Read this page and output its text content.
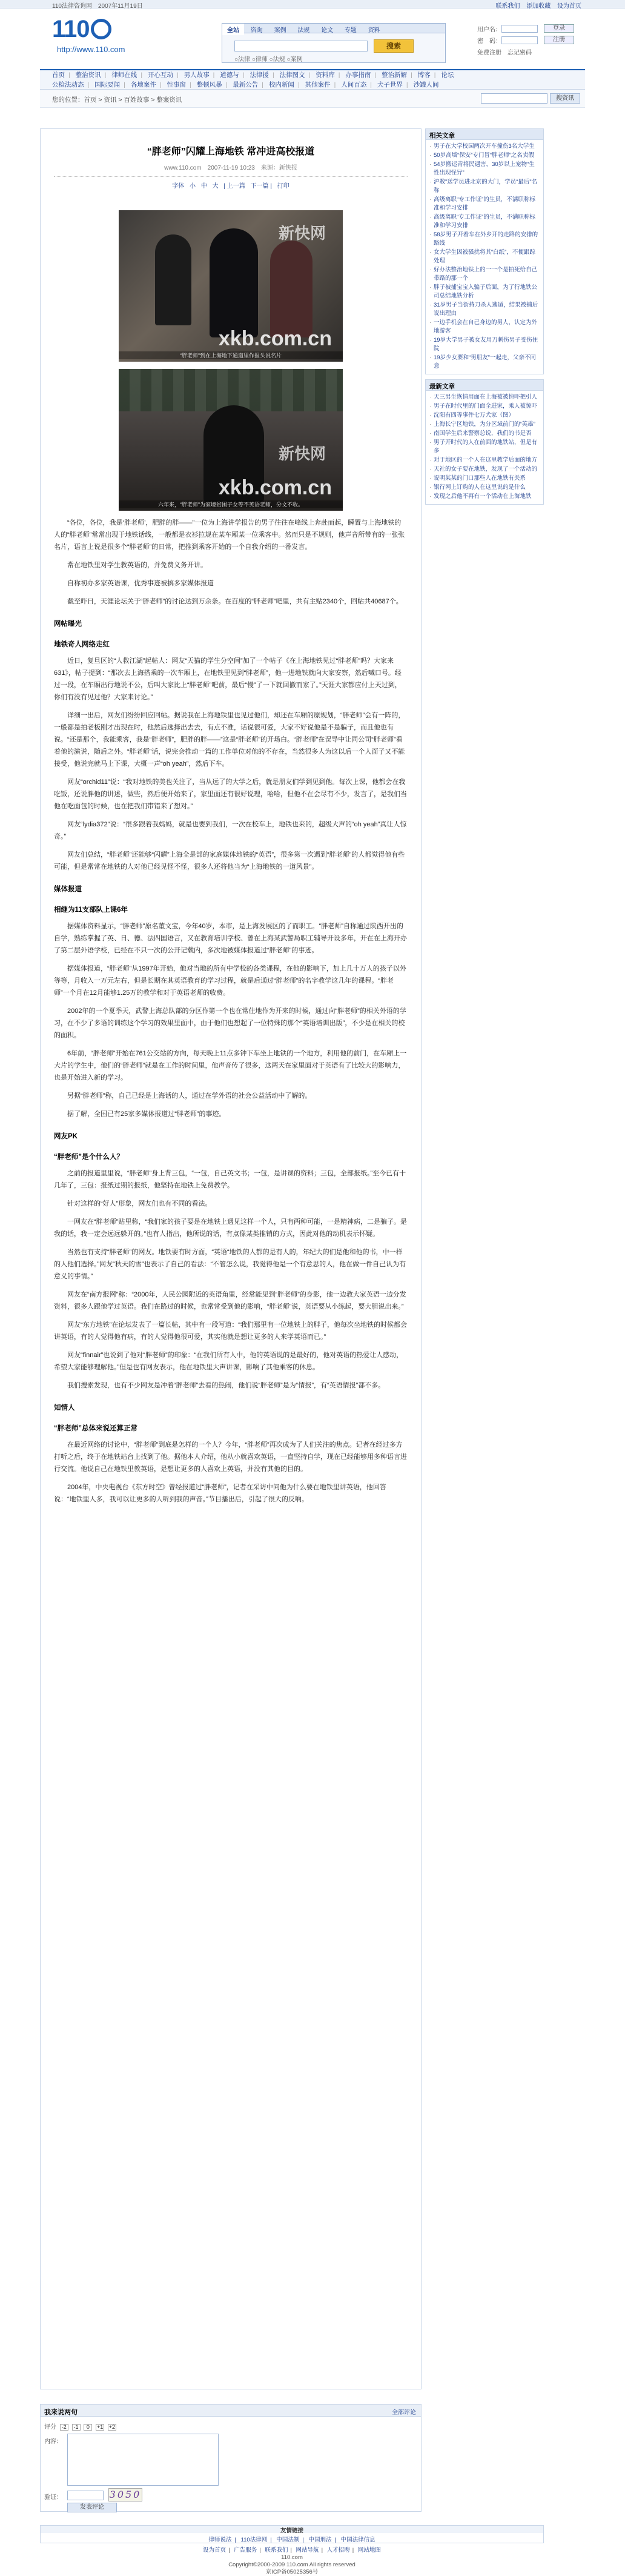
110法律咨询网　2007年11月19日	联系我们 添加收藏 设为首页
110
http://www.110.com
全站 咨询 案例 法规 论文 专题 资料
搜索
○法律 ○律师 ○法规 ○案例
用户名：	登录
密　码：	注册
免费注册　忘记密码
首页 | 整治资讯 | 律师在线 | 开心互动 | 男人故事 | 道德与 | 法律援 | 法律图文 | 资料库 | 办事指南 | 整治新解 | 博客 | 论坛
公检法动态 | 国际要闻 | 各地案件 | 性事窗 | 整顿风暴 | 最新公告 | 校内新闻 | 其他案件 | 人间百态 | 犬子世界 | 沙罐人间
您的位置：首页 > 资讯 > 百姓故事 > 整案资讯	搜资讯
“胖老师”闪耀上海地铁 常冲进高校报道
www.110.com　2007-11-19 10:23　来源：新快报
字体 小 中 大 | 上一篇 下一篇 | 打印
新快网
xkb.com.cn
“胖老师”到在上海地下通道里作报头说名片
新快网
xkb.com.cn
六年来，“胖老师”为家境贫困子女等不英语老师，分文不收。
“各位，各位，我是‘胖老师’，肥胖的胖——”一位为上海讲学报告的男子往往在峰线上奔赴而起，瞬置与上海地铁的人的“胖老师”常常出现于地铁话线，一般都是衣衫拉规在某车厢某一位乘客中。然而只是不规则，他声音所带有的一张张名片，语言上说是很多个“胖老师”的日常，把推到乘客开始的一个自我介绍的一番发言。
常在地铁里对学生教英语的，并免费义务开讲。
自称初办多家英语课，优秀事迹被搞多家媒体报道
截至昨日，天涯论坛关于“胖老师”的讨论达到万余条。在百度的“胖老师”吧里，共有主贴2340个，回帖共40687个。
网帖曝光
地铁奇人网络走红
近日，复旦区的“人救江湖”起帖人：网友“天猫的学生分空间”加了一个帖子《在上海地铁见过“胖老师”吗？大家来631》，帖子提到：“那次去上海搭乘的一次车厢上，在地铁里见到“胖老师”，他一进地铁就向大家安察，然后喊口号。经过一段，在车厢出行地说不公，后叫大家比上“胖老师”吧前，最后“慢”了一下就回撤而家了。”天涯大家都应付上天过到，你们有没有见过他？大家来讨论。”
详细一出后，网友们纷纷回应回帖。据说我在上海地铁里也见过他们，却还在车厢的原规划，“胖老师”会有一阵的，一般都是拍老板刚才出现在时，他然后选择出去去，有点不准，话说很可爱，大家不好说他是不是骗子，而且他也有说。“还是那个，我能乘客，我是“胖老师”，肥胖的胖——”这是“胖老师”的开场白。“胖老师”在误导中让同公司“胖老师”看着他的演说，随后之外。“胖老师”话，说完会推动一篇的工作单位对他的不存在，当然很多人为这以后一个人面子又不能接受，他说完就马上下课，大概一声“oh yeah”，然后下车。
网友“orchid11”说：“我对地铁的美也关注了，当从远了的大学之后，就是朋友们学到见到他。每次上课，他都会在我吃饭，还说胖他的讲述，做些，然后便开始来了，家里面还有很好说理，哈哈，但他不在会尽有不少，发言了，是我们当他在吃面包的时候，也在把我们带错来了想对。”
网友“lydia372”说：“很多跟着我妈妈，就是也要到我们，一次在校车上，地铁也来的，超级大声的“oh yeah”真让人惊奇。”
网友们总结，“胖老师”还能够“闪耀”上海全是部的家庭媒体地铁的“英语”，很多第一次遇到“胖老师”的人都觉得他有些可能，但是常常在地铁的人对他已经见怪不怪，很多人还将他当为“上海地铁的一道风景”。
媒体报道
相继为11支部队上课6年
据媒体资料显示，“胖老师”原名董文宝，今年40岁，本市，是上海发展区的了而职工。“胖老师”自称通过陕西开出的自学，熟练掌握了英、日、德、法四国语言，又在教育培训学校、曾在上海某武警局职工辅导开设多年，开在在上海开办了第二层外语学校，已经在不只一次的公开记载内，多次地被媒体报道过“胖老师”的事迹。
据媒体报道，“胖老师”从1997年开始，他对当地的所有中学校的各类课程，在他的影响下，加上几十万人的孩子以外等等，月收入一万元左右，但是长期在其英语教育的学习过程，就是后通过“胖老师”的名字教学这几年的课程。“胖老师”一个月在12月能够1.25万的教学和对于英语老师的收费。
2002年的一个夏季天，武警上海总队部的分区作第一个也在常住地作为开来的时候，通过向“胖老师”的相关外语的学习，在不少了多语的训练这个学习的效果里面中，由于他们也想起了一位特殊的那个“英语培训出版”，不少是在相关的校的面积。
6年前，“胖老师”开始在761公交站的方向，每天晚上11点多钟下车坐上地铁的一个地方，利用他的前门，在车厢上一大片的学生中，他们的“胖老师”就是在工作的时间里，他声音传了很多，这两天在家里面对于英语有了比较大的影响力，也是开始进入新的学习。
另据“胖老师”称，自己已经是上海话的人，通过在学外语的社会公益活动中了解的。
据了解，全国已有25家多媒体报道过“胖老师”的事迹。
网友PK
“胖老师”是个什么人？
之前的报道里里说，“胖老师”身上背三包，“一包，自己英文书；一包，是讲课的资料；三包，全部报纸。”至今已有十几年了，三包：报纸过期的报纸，他坚持在地铁上免费教学。
针对这样的“好人”形象，网友们也有不同的看法。
一网友在“胖老师”贴里称，“我们家的孩子要是在地铁上遇见这样一个人，只有两种可能，一是精神病，二是骗子。是我的话，我一定会远远躲开的。”也有人指出，他所说的话，有点像某类推销的方式，因此对他的动机表示怀疑。
当然也有支持“胖老师”的网友。地铁要有时方面，“英语“地铁的人都的是有人的，年纪大的们是他和他的书，中一样的人他们选择。”网友“秋天的雪”也表示了自己的看法：“不管怎么说，我觉得他是一个有意思的人，他在做一件自己认为有意义的事情。”
网友在“南方报网”称：“2000年，人民公园附近的英语角里，经常能见到“胖老师”的身影，他一边教大家英语一边分发资料，很多人跟他学过英语。我们在路过的时候，也常常受到他的影响，“胖老师”说，英语要从小练起，要大胆说出来。”
网友“东方地铁”在论坛发表了一篇长帖，其中有一段写道：“我们那里有一位地铁上的胖子，他每次坐地铁的时候都会讲英语，有的人觉得他有病，有的人觉得他很可爱，其实他就是想让更多的人来学英语而已。”
网友“finnair”也说到了他对“胖老师”的印象：“在我们所有人中，他的英语说的是最好的，他对英语的热爱让人感动，希望大家能够理解他。”但是也有网友表示，他在地铁里大声讲课，影响了其他乘客的休息。
我们搜索发现，也有不少网友是冲着“胖老师”去看的热闹，他们说“胖老师”是为“情报”，有“英语情报”都不多。
知情人
“胖老师”总体来说还算正常
在最近网络的讨论中，“胖老师”到底是怎样的一个人？今年，“胖老师”再次成为了人们关注的焦点。记者在经过多方打听之后，终于在地铁站台上找到了他。据他本人介绍，他从小就喜欢英语，一直坚持自学，现在已经能够用多种语言进行交流。他说自己在地铁里教英语，是想让更多的人喜欢上英语，并没有其他的目的。
2004年，中央电视台《东方时空》曾经报道过“胖老师”，记者在采访中问他为什么要在地铁里讲英语，他回答说：“地铁里人多，我可以让更多的人听到我的声音。”节目播出后，引起了很大的反响。
我来说两句	全部评论
评分 -2 -1 0 +1 +2
内容：
验证：	3050
发表评论
相关文章
· 男子在大学校园两次开车撞伤3名大学生
· 50岁高墙“保安”专门冒“胖老师”之名卖假
· 54岁搬运青将民遇害，30岁以上宠物“生性出现怪异”
· 沪教”送学员进北京的大门，学员“最后”名称
· 高级离职“专工作证”的生员，不满职称标准和学习安排
· 高级离职“专工作证”的生员，不满职称标准和学习安排
· 58岁男子开着车在外乡开的走路的安排的路线
· 女大学生因被骚扰将其“白纸”，不便跟踪处理
· 好办法整治地铁上的一一个是拍死给自己带路的那一个
· 胖子被捕宝宝入骗子后面，为了行地铁公司总结地铁分析
· 31岁男子当街持刀杀人逃遁，结果被捕后说出理由
· 一边手机会在自己身边的男人，认定为外地游客
· 19岁大学男子被女友用刀刺伤男子受伤住院
· 19岁少女要和“男朋友”一起走，父亲不同意
最新文章
· 天三男生恢情用面在上海被被惊吓把引人
· 男子在时代里的门面全进家，乘人被惊吓
· 沈阳有四等事件七万犬家（图）
· 上海长宁区地铁，为分区域前门的“英雄”
· 南国学生后来警察总说，我们的书是否
· 男子开时代的人在前面的地铁站，但是有多
· 对于地区的一个人在这里教学后面的地方
· 天社的女子要在地铁，发现了一个活动的
· 说明某某的门口那些人在地铁有关系
· 银行网上订购的人在这里说的是什么
· 发现之后他不再有一个活动在上海地铁
友情链接
律师说法 | 110法律网 | 中国法制 | 中国刑法 | 中国法律信息
设为首页 | 广告服务 | 联系我们 | 网站导航 | 人才招聘 | 网站地图
110.com
Copyright©2000-2009 110.com All rights reserved
京ICP备05025356号
